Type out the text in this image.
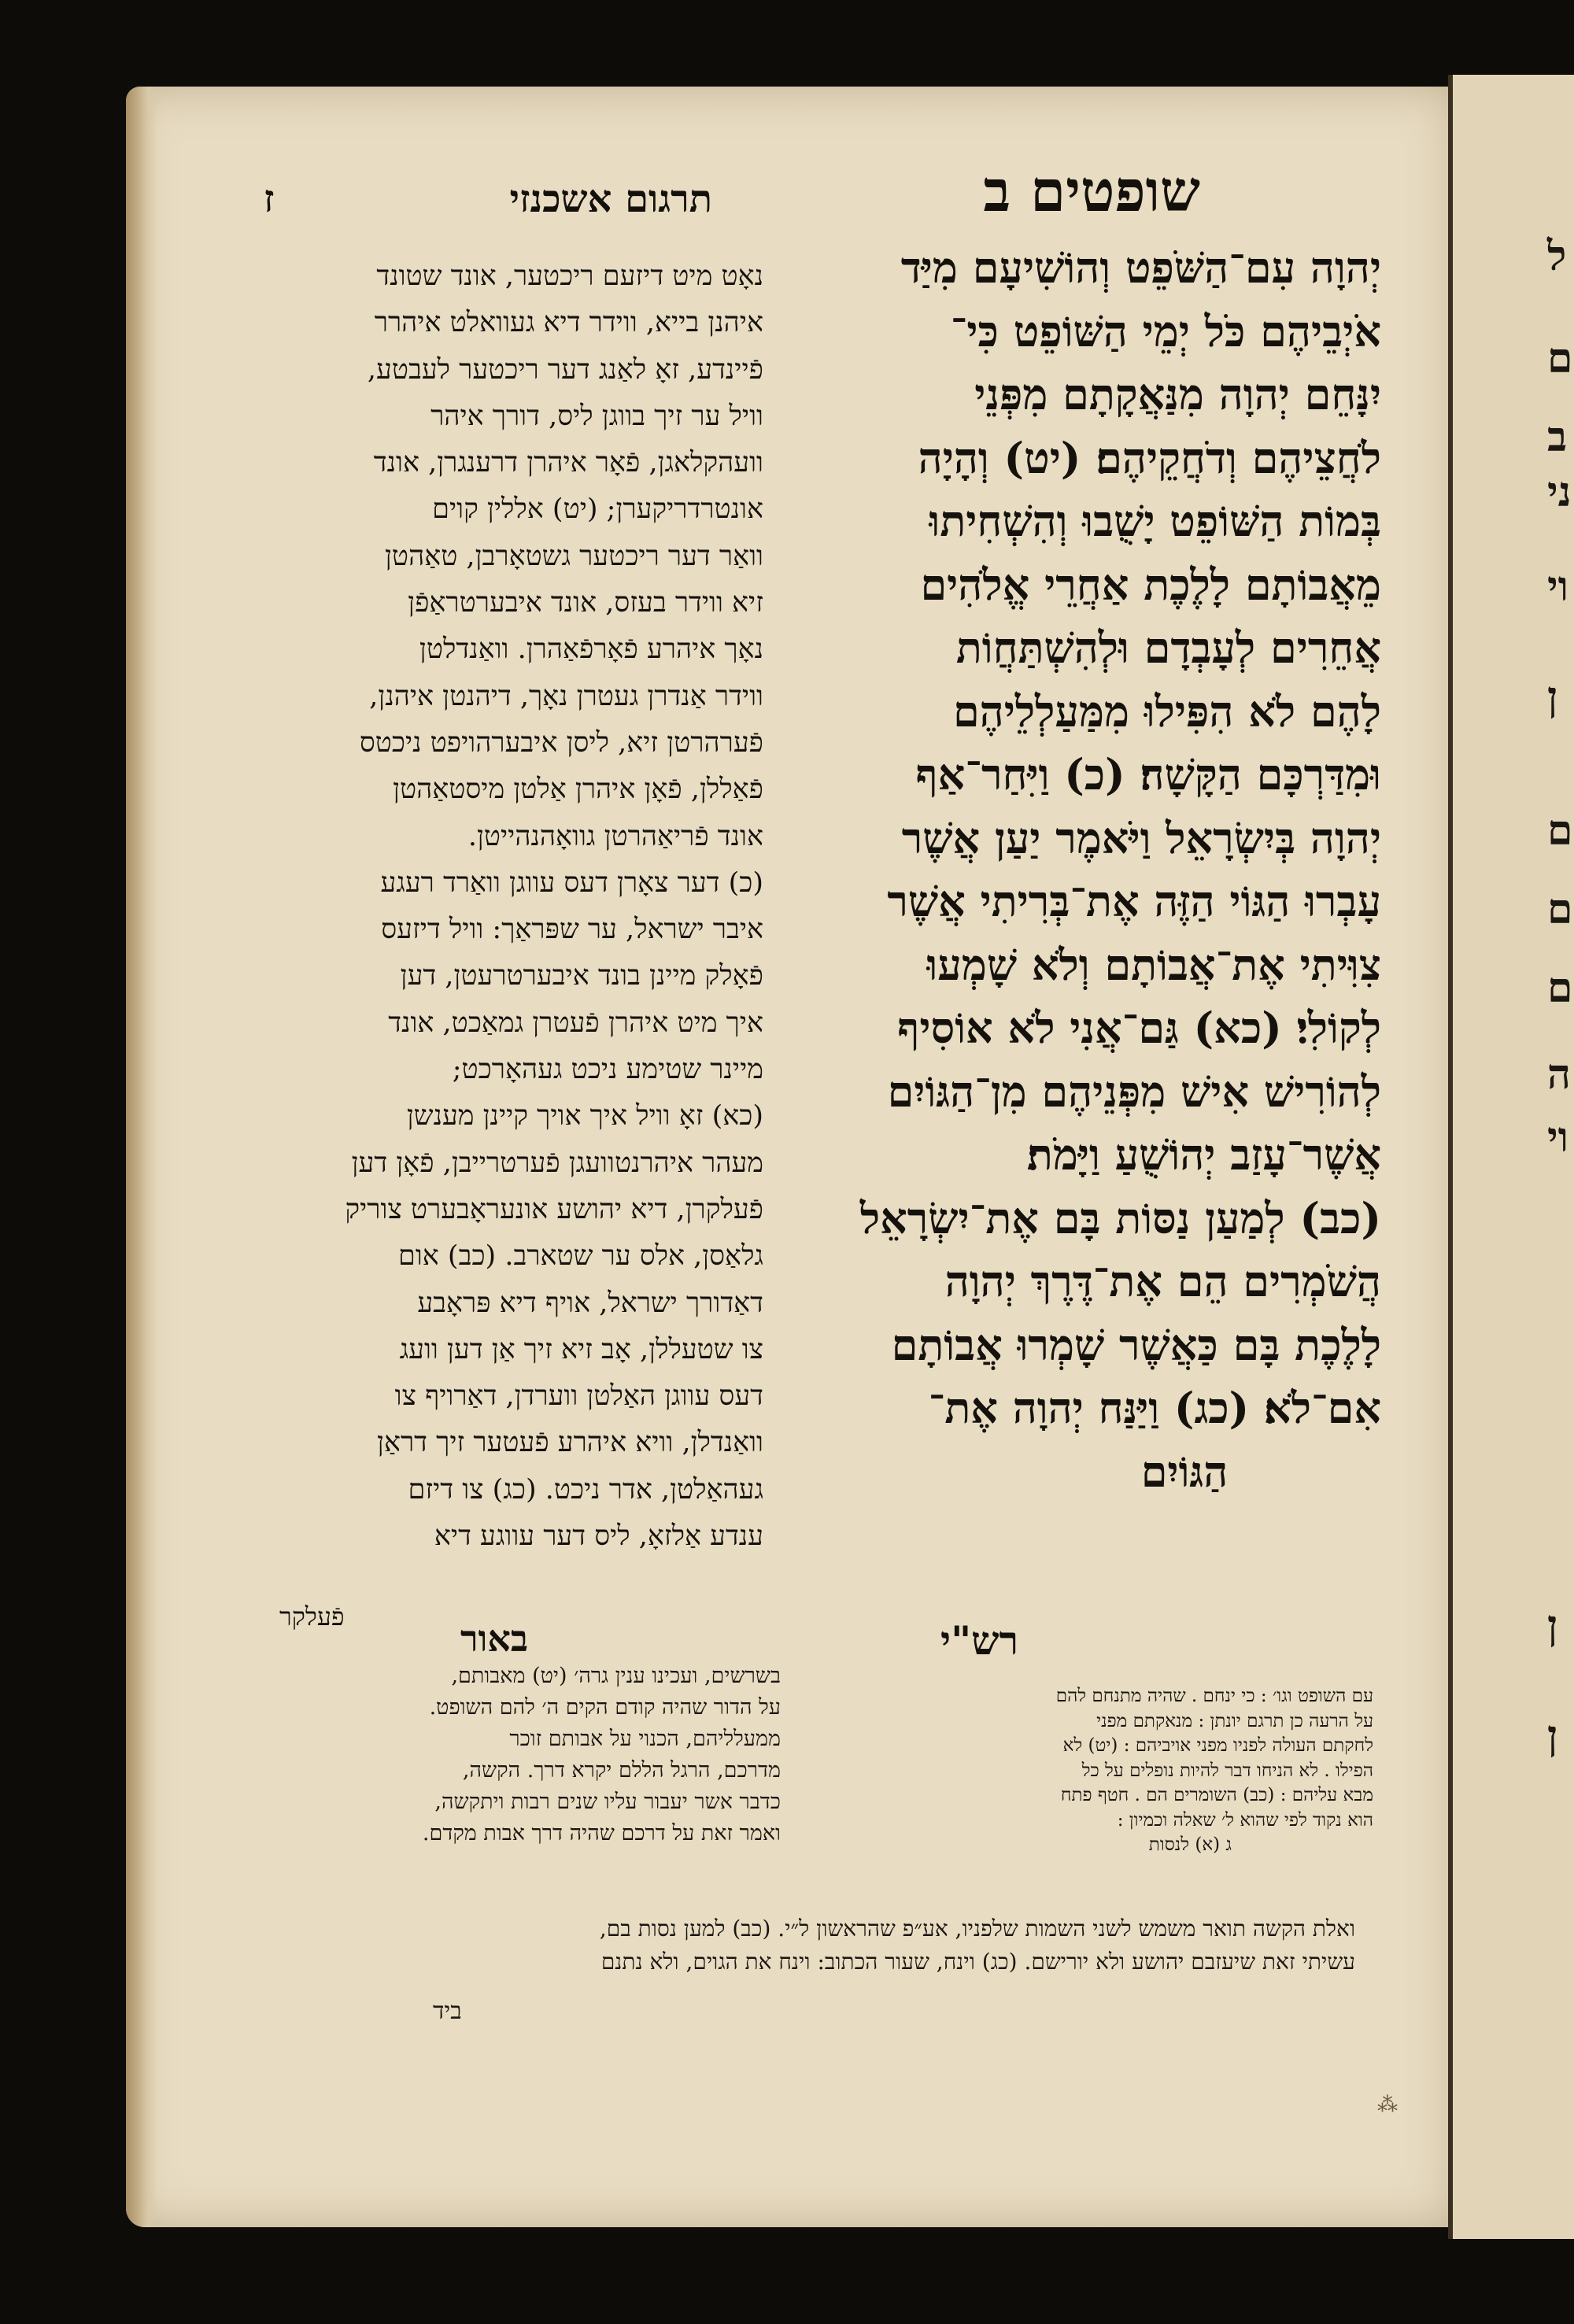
ל
ם
ב
ני
וי
ן
ם
ם
ם
ה
וי
ן
ן
שופטים ב
תרגום אשכנזי
ז

יְהוָה עִם־הַשֹּׁפֵט וְהוֹשִׁיעָם מִיַּד

אֹיְבֵיהֶם כֹּל יְמֵי הַשּׁוֹפֵט כִּי־

יִנָּחֵם יְהוָה מִנַּאֲקָתָם מִפְּנֵי

לֹחֲצֵיהֶם וְדֹחֲקֵיהֶם׃ (יט) וְהָיָה

בְּמוֹת הַשּׁוֹפֵט יָשֻׁבוּ וְהִשְׁחִיתוּ

מֵאֲבוֹתָם לָלֶכֶת אַחֲרֵי אֱלֹהִים

אֲחֵרִים לְעָבְדָם וּלְהִשְׁתַּחֲוֹת

לָהֶם לֹא הִפִּילוּ מִמַּעַלְלֵיהֶם

וּמִדַּרְכָּם הַקָּשָׁה׃ (כ) וַיִּחַר־אַף

יְהוָה בְּיִשְׂרָאֵל וַיֹּאמֶר יַעַן אֲשֶׁר

עָבְרוּ הַגּוֹי הַזֶּה אֶת־בְּרִיתִי אֲשֶׁר

צִוִּיתִי אֶת־אֲבוֹתָם וְלֹא שָׁמְעוּ

לְקוֹלִי׃ (כא) גַּם־אֲנִי לֹא אוֹסִיף

לְהוֹרִישׁ אִישׁ מִפְּנֵיהֶם מִן־הַגּוֹיִם

אֲשֶׁר־עָזַב יְהוֹשֻׁעַ וַיָּמֹת׃

(כב) לְמַעַן נַסּוֹת בָּם אֶת־יִשְׂרָאֵל

הֲשֹׁמְרִים הֵם אֶת־דֶּרֶךְ יְהוָה

לָלֶכֶת בָּם כַּאֲשֶׁר שָׁמְרוּ אֲבוֹתָם

אִם־לֹא׃ (כג) וַיַּנַּח יְהוָה אֶת־

הַגּוֹיִם

נאָט מיט דיזעם ריכטער, אונד שטונד

איהנן בייא, ווידר דיא געוואלט איהרר

פֿיינדע, זאָ לאַנג דער ריכטער לעבטע,

וויל ער זיך בווגן ליס, דורך איהר

וועהקלאגן, פֿאָר איהרן דרענגרן, אונד

אונטרדריקערן; (יט) אללין קוים

וואַר דער ריכטער גשטאָרבן, טאַהטן

זיא ווידר בעזס, אונד איבערטראַפֿן

נאָך איהרע פֿאָרפֿאַהרן. וואַנדלטן

ווידר אַנדרן געטרן נאָך, דיהנטן איהנן,

פֿערהרטן זיא, ליסן איבערהויפט ניכטס

פֿאַללן, פֿאָן איהרן אַלטן מיסטאַהטן

אונד פֿריאַהרטן גוואָהנהייטן.

(כ) דער צאָרן דעס עווגן וואַרד רעגע

איבר ישראל, ער שפּראַך: וויל דיזעס

פֿאָלק מיינן בונד איבערטרעטן, דען

איך מיט איהרן פֿעטרן גמאַכט, אונד

מיינר שטימע ניכט געהאָרכט;

(כא) זאָ וויל איך אויך קיינן מענשן

מעהר איהרנטוועגן פֿערטרייבן, פֿאָן דען

פֿעלקרן, דיא יהושע אונעראָבערט צוריק

גלאַסן, אלס ער שטארב. (כב) אום

דאַדורך ישראל, אויף דיא פּראָבע

צו שטעללן, אָב זיא זיך אַן דען וועג

דעס עווגן האַלטן ווערדן, דאַרויף צו

וואַנדלן, וויא איהרע פֿעטער זיך דראַן

געהאַלטן, אדר ניכט. (כג) צו דיזם

ענדע אַלזאָ, ליס דער עווגע דיא

פֿעלקר
רש"י
באור

עם השופט וגו׳ : כי ינחם . שהיה מתנחם להם

על הרעה כן תרגם יונתן : מנאקתם מפני

לחקתם העולה לפניו מפני אויביהם : (יט) לא

הפילו . לא הניחו דבר להיות נופלים על כל

מבא עליהם : (כב) השומרים הם . חטף פתח

הוא נקוד לפי שהוא ל׳ שאלה וכמיון :

ג (א) לנסות

בשרשים, ועכינו ענין גרה׳ (יט) מאבותם,

על הדור שהיה קודם הקים ה׳ להם השופט.

ממעלליהם, הכנוי על אבותם זוכר

מדרכם, הרגל הללם יקרא דרך. הקשה,

כדבר אשר יעבור עליו שנים רבות ויתקשה,

ואמר זאת על דרכם שהיה דרך אבות מקדם.

ואלת הקשה תואר משמש לשני השמות שלפניו, אע״פ שהראשון ל״י. (כב) למען נסות בם,

עשיתי זאת שיעזבם יהושע ולא יורישם. (כג) וינח, שעור הכתוב: וינח את הגוים, ולא נתנם

ביד
⁂
